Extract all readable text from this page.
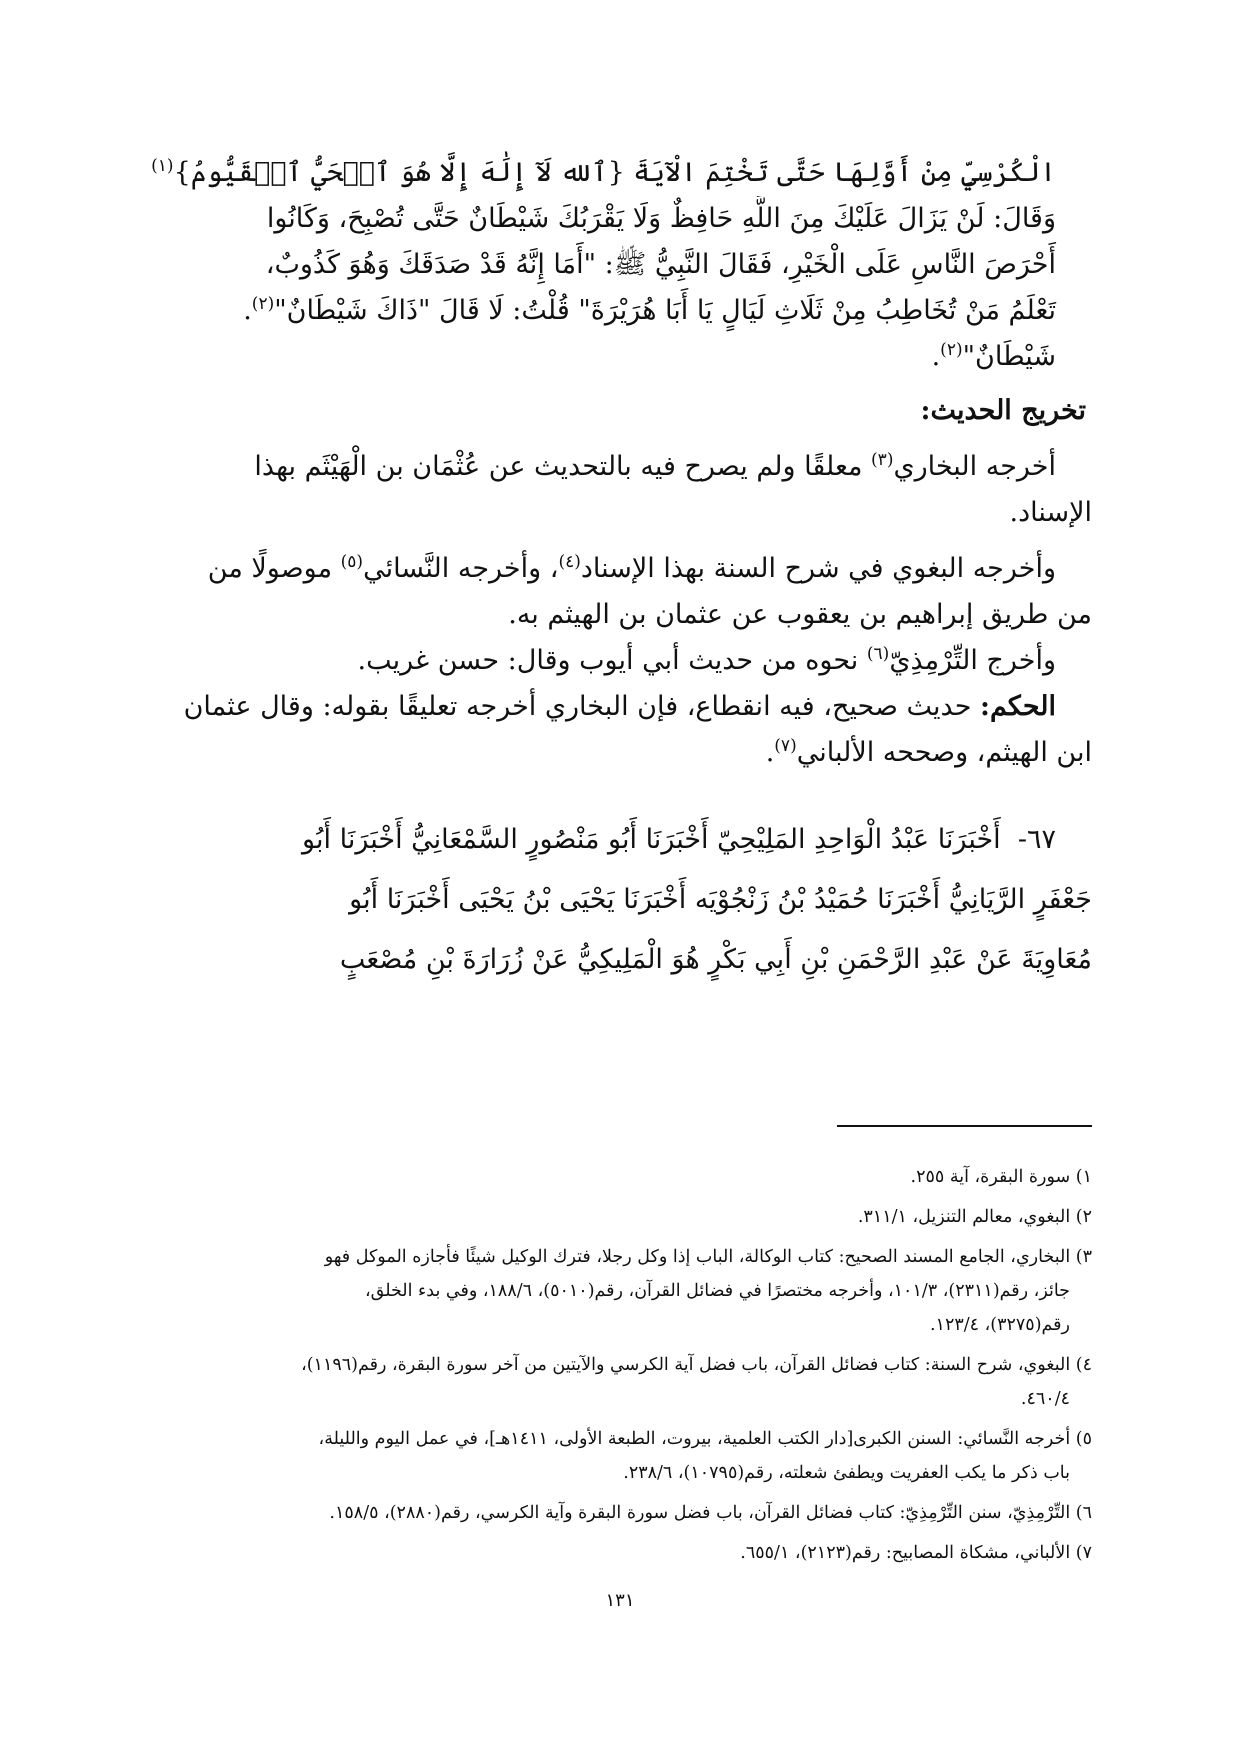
الْكُرْسِيِّ مِنْ أَوَّلِهَا حَتَّى تَخْتِمَ الْآيَةَ {ٱلله لَآ إِلَٰهَ إِلَّا هُوَ ٱلۡحَيُّ ٱلۡقَيُّومُ}$^{(١)}$

وَقَالَ: لَنْ يَزَالَ عَلَيْكَ مِنَ اللَّهِ حَافِظٌ وَلَا يَقْرَبُكَ شَيْطَانٌ حَتَّى تُصْبِحَ، وَكَانُوا

أَحْرَصَ النَّاسِ عَلَى الْخَيْرِ، فَقَالَ النَّبِيُّ ﷺ: "أَمَا إِنَّهُ قَدْ صَدَقَكَ وَهُوَ كَذُوبٌ،

تَعْلَمُ مَنْ تُخَاطِبُ مِنْ ثَلَاثِ لَيَالٍ يَا أَبَا هُرَيْرَةَ" قُلْتُ: لَا قَالَ "ذَاكَ شَيْطَانٌ"$^{(٢)}$.

شَيْطَانٌ"$^{(٢)}$.

تخريج الحديث:

أخرجه البخاري$^{(٣)}$ معلقًا ولم يصرح فيه بالتحديث عن عُثْمَان بن الْهَيْثَم بهذا

الإسناد.

وأخرجه البغوي في شرح السنة بهذا الإسناد$^{(٤)}$، وأخرجه النَّسائي$^{(٥)}$ موصولًا من

من طريق إبراهيم بن يعقوب عن عثمان بن الهيثم به.

وأخرج التِّرْمِذِيّ$^{(٦)}$ نحوه من حديث أبي أيوب وقال: حسن غريب.

الحكم: حديث صحيح، فيه انقطاع، فإن البخاري أخرجه تعليقًا بقوله: وقال عثمان

ابن الهيثم، وصححه الألباني$^{(٧)}$.

٦٧-  أَخْبَرَنَا عَبْدُ الْوَاحِدِ المَلِيْحِيّ أَخْبَرَنَا أَبُو مَنْصُورٍ السَّمْعَانِيُّ أَخْبَرَنَا أَبُو

جَعْفَرٍ الرَّيَانِيُّ أَخْبَرَنَا حُمَيْدُ بْنُ زَنْجُوْيَه أَخْبَرَنَا يَحْيَى بْنُ يَحْيَى أَخْبَرَنَا أَبُو

مُعَاوِيَةَ عَنْ عَبْدِ الرَّحْمَنِ بْنِ أَبِي بَكْرٍ هُوَ الْمَلِيكِيُّ عَنْ زُرَارَةَ بْنِ مُصْعَبٍ

١) سورة البقرة، آية ٢٥٥.
٢) البغوي، معالم التنزيل، ٣١١/١.
٣) البخاري، الجامع المسند الصحيح: كتاب الوكالة، الباب إذا وكل رجلا، فترك الوكيل شيئًا فأجازه الموكل فهو
جائز، رقم(٢٣١١)، ١٠١/٣، وأخرجه مختصرًا في فضائل القرآن، رقم(٥٠١٠)، ١٨٨/٦، وفي بدء الخلق،
رقم(٣٢٧٥)، ١٢٣/٤.
٤) البغوي، شرح السنة: كتاب فضائل القرآن، باب فضل آية الكرسي والآيتين من آخر سورة البقرة، رقم(١١٩٦)،
٤٦٠/٤.
٥) أخرجه النَّسائي: السنن الكبرى[دار الكتب العلمية، بيروت، الطبعة الأولى، ١٤١١هـ]، في عمل اليوم والليلة،
باب ذكر ما يكب العفريت ويطفئ شعلته، رقم(١٠٧٩٥)، ٢٣٨/٦.
٦) التِّرْمِذِيّ، سنن التِّرْمِذِيّ: كتاب فضائل القرآن، باب فضل سورة البقرة وآية الكرسي، رقم(٢٨٨٠)، ١٥٨/٥.
٧) الألباني، مشكاة المصابيح: رقم(٢١٢٣)، ٦٥٥/١.
١٣١
